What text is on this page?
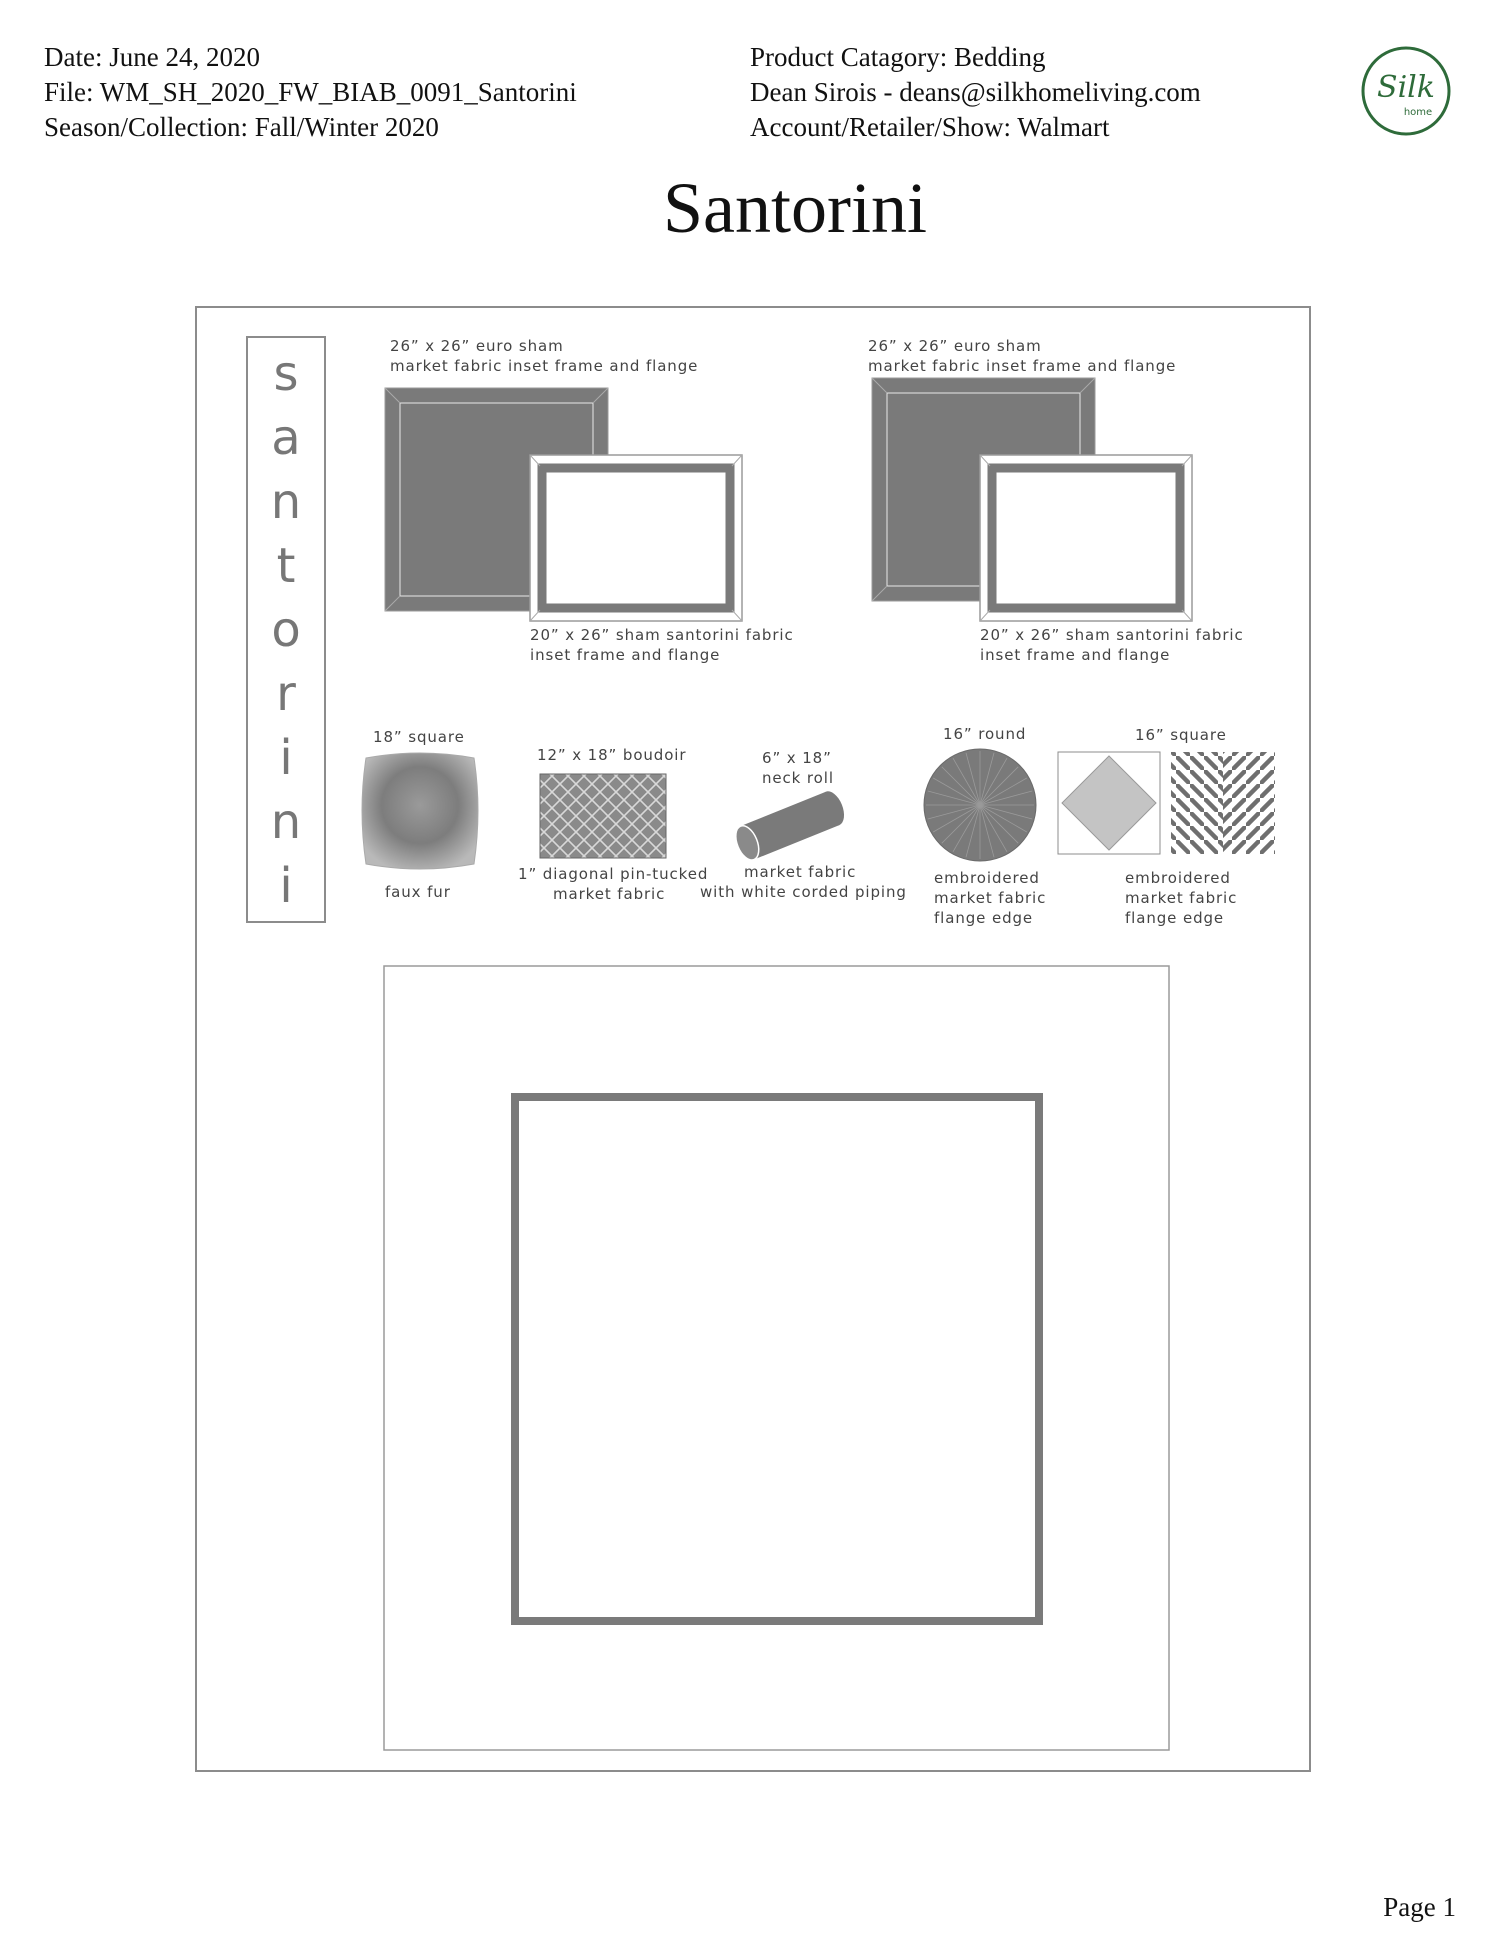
Date: June 24, 2020
File: WM_SH_2020_FW_BIAB_0091_Santorini
Season/Collection: Fall/Winter 2020
Product Catagory: Bedding
Dean Sirois - deans@silkhomeliving.com
Account/Retailer/Show: Walmart
Silk
home
Santorini
s a n t o r i n i
26” x 26” euro sham
market fabric inset frame and flange
20” x 26” sham santorini fabric
inset frame and flange
26” x 26” euro sham
market fabric inset frame and flange
20” x 26” sham santorini fabric
inset frame and flange
18” square
faux fur
12” x 18” boudoir
1” diagonal pin-tucked
market fabric
6” x 18”
neck roll
market fabric
with white corded piping
16” round
embroidered
market fabric
flange edge
16” square
embroidered
market fabric
flange edge
Page 1
